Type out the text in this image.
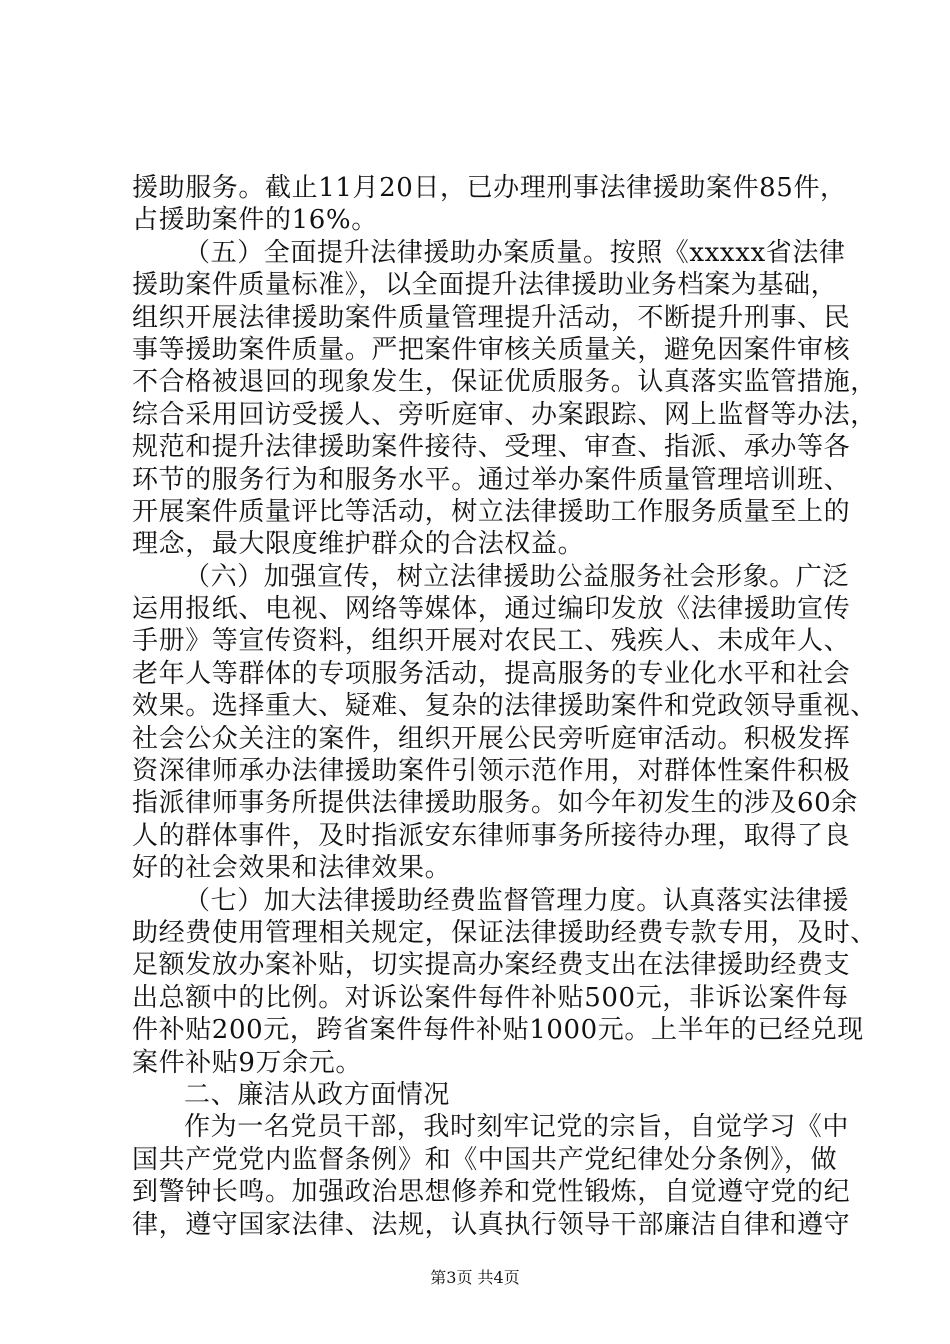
援助服务。截止11月20日，已办理刑事法律援助案件85件，
占援助案件的16%。
（五）全面提升法律援助办案质量。按照《xxxxx省法律
援助案件质量标准》，以全面提升法律援助业务档案为基础，
组织开展法律援助案件质量管理提升活动，不断提升刑事、民
事等援助案件质量。严把案件审核关质量关，避免因案件审核
不合格被退回的现象发生，保证优质服务。认真落实监管措施，
综合采用回访受援人、旁听庭审、办案跟踪、网上监督等办法，
规范和提升法律援助案件接待、受理、审查、指派、承办等各
环节的服务行为和服务水平。通过举办案件质量管理培训班、
开展案件质量评比等活动，树立法律援助工作服务质量至上的
理念，最大限度维护群众的合法权益。
（六）加强宣传，树立法律援助公益服务社会形象。广泛
运用报纸、电视、网络等媒体，通过编印发放《法律援助宣传
手册》等宣传资料，组织开展对农民工、残疾人、未成年人、
老年人等群体的专项服务活动，提高服务的专业化水平和社会
效果。选择重大、疑难、复杂的法律援助案件和党政领导重视、
社会公众关注的案件，组织开展公民旁听庭审活动。积极发挥
资深律师承办法律援助案件引领示范作用，对群体性案件积极
指派律师事务所提供法律援助服务。如今年初发生的涉及60余
人的群体事件，及时指派安东律师事务所接待办理，取得了良
好的社会效果和法律效果。
（七）加大法律援助经费监督管理力度。认真落实法律援
助经费使用管理相关规定，保证法律援助经费专款专用，及时、
足额发放办案补贴，切实提高办案经费支出在法律援助经费支
出总额中的比例。对诉讼案件每件补贴500元，非诉讼案件每
件补贴200元，跨省案件每件补贴1000元。上半年的已经兑现
案件补贴9万余元。
二、廉洁从政方面情况
作为一名党员干部，我时刻牢记党的宗旨，自觉学习《中
国共产党党内监督条例》和《中国共产党纪律处分条例》，做
到警钟长鸣。加强政治思想修养和党性锻炼，自觉遵守党的纪
律，遵守国家法律、法规，认真执行领导干部廉洁自律和遵守
第3页 共4页
